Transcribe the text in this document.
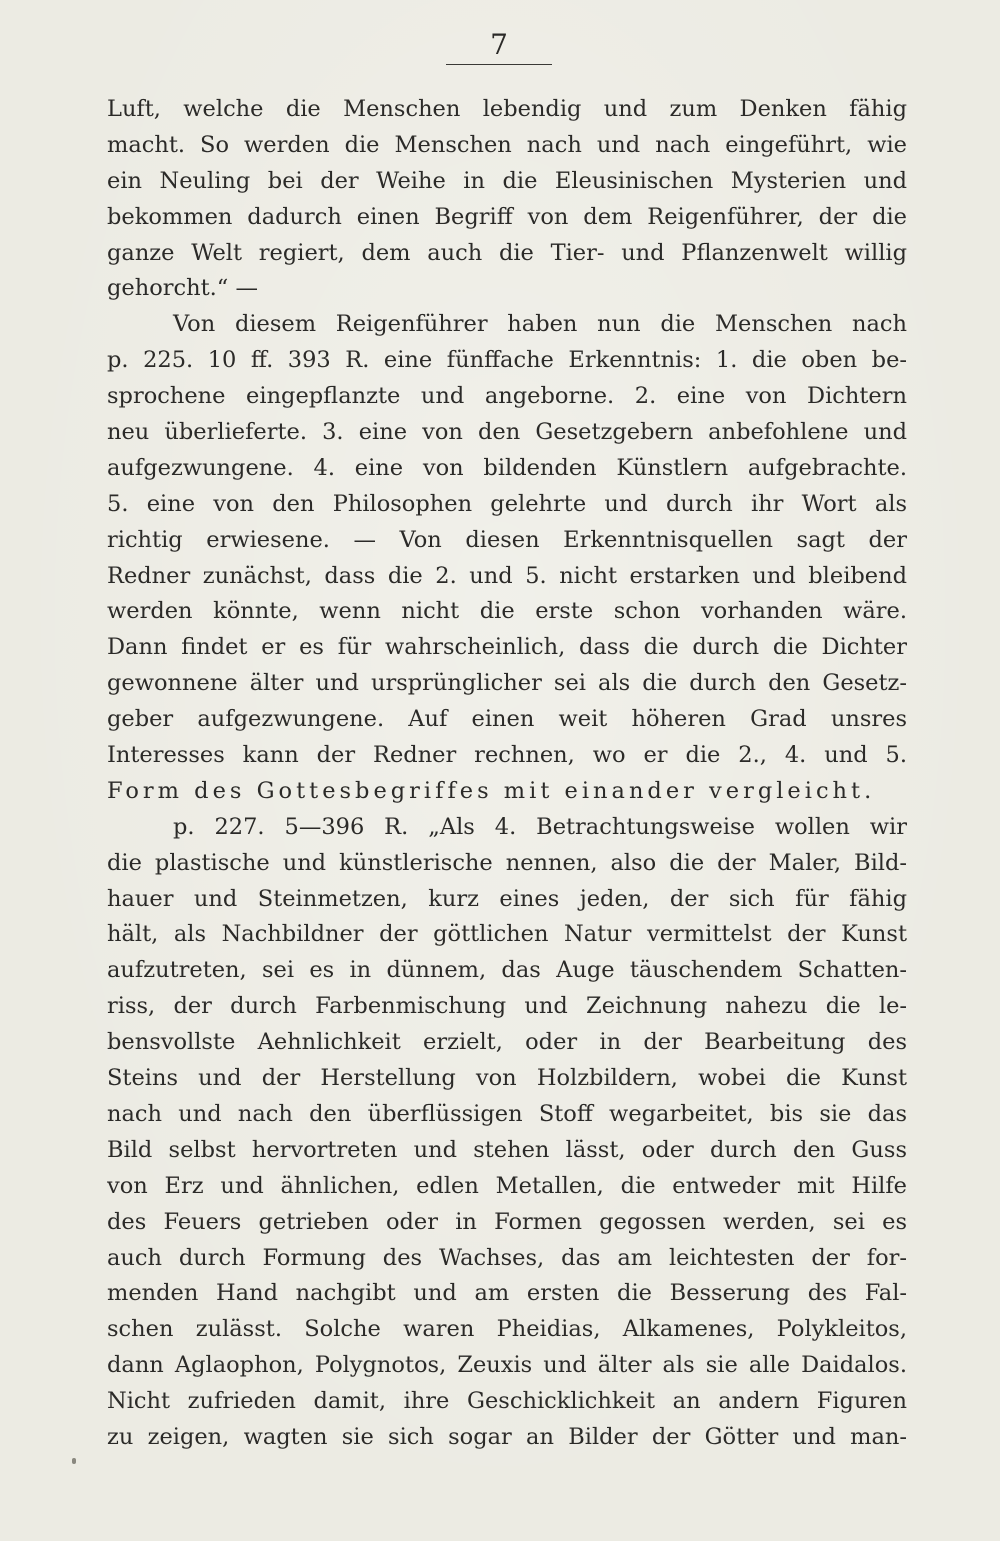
7
Luft, welche die Menschen lebendig und zum Denken fähig
macht. So werden die Menschen nach und nach eingeführt, wie
ein Neuling bei der Weihe in die Eleusinischen Mysterien und
bekommen dadurch einen Begriff von dem Reigenführer, der die
ganze Welt regiert, dem auch die Tier- und Pflanzenwelt willig
gehorcht.“ —
Von diesem Reigenführer haben nun die Menschen nach
p. 225. 10 ff. 393 R. eine fünffache Erkenntnis: 1. die oben be-
sprochene eingepflanzte und angeborne. 2. eine von Dichtern
neu überlieferte. 3. eine von den Gesetzgebern anbefohlene und
aufgezwungene. 4. eine von bildenden Künstlern aufgebrachte.
5. eine von den Philosophen gelehrte und durch ihr Wort als
richtig erwiesene. — Von diesen Erkenntnisquellen sagt der
Redner zunächst, dass die 2. und 5. nicht erstarken und bleibend
werden könnte, wenn nicht die erste schon vorhanden wäre.
Dann findet er es für wahrscheinlich, dass die durch die Dichter
gewonnene älter und ursprünglicher sei als die durch den Gesetz-
geber aufgezwungene. Auf einen weit höheren Grad unsres
Interesses kann der Redner rechnen, wo er die 2., 4. und 5.
Form des Gottesbegriffes mit einander vergleicht.
p. 227. 5—396 R. „Als 4. Betrachtungsweise wollen wir
die plastische und künstlerische nennen, also die der Maler, Bild-
hauer und Steinmetzen, kurz eines jeden, der sich für fähig
hält, als Nachbildner der göttlichen Natur vermittelst der Kunst
aufzutreten, sei es in dünnem, das Auge täuschendem Schatten-
riss, der durch Farbenmischung und Zeichnung nahezu die le-
bensvollste Aehnlichkeit erzielt, oder in der Bearbeitung des
Steins und der Herstellung von Holzbildern, wobei die Kunst
nach und nach den überflüssigen Stoff wegarbeitet, bis sie das
Bild selbst hervortreten und stehen lässt, oder durch den Guss
von Erz und ähnlichen, edlen Metallen, die entweder mit Hilfe
des Feuers getrieben oder in Formen gegossen werden, sei es
auch durch Formung des Wachses, das am leichtesten der for-
menden Hand nachgibt und am ersten die Besserung des Fal-
schen zulässt. Solche waren Pheidias, Alkamenes, Polykleitos,
dann Aglaophon, Polygnotos, Zeuxis und älter als sie alle Daidalos.
Nicht zufrieden damit, ihre Geschicklichkeit an andern Figuren
zu zeigen, wagten sie sich sogar an Bilder der Götter und man-
